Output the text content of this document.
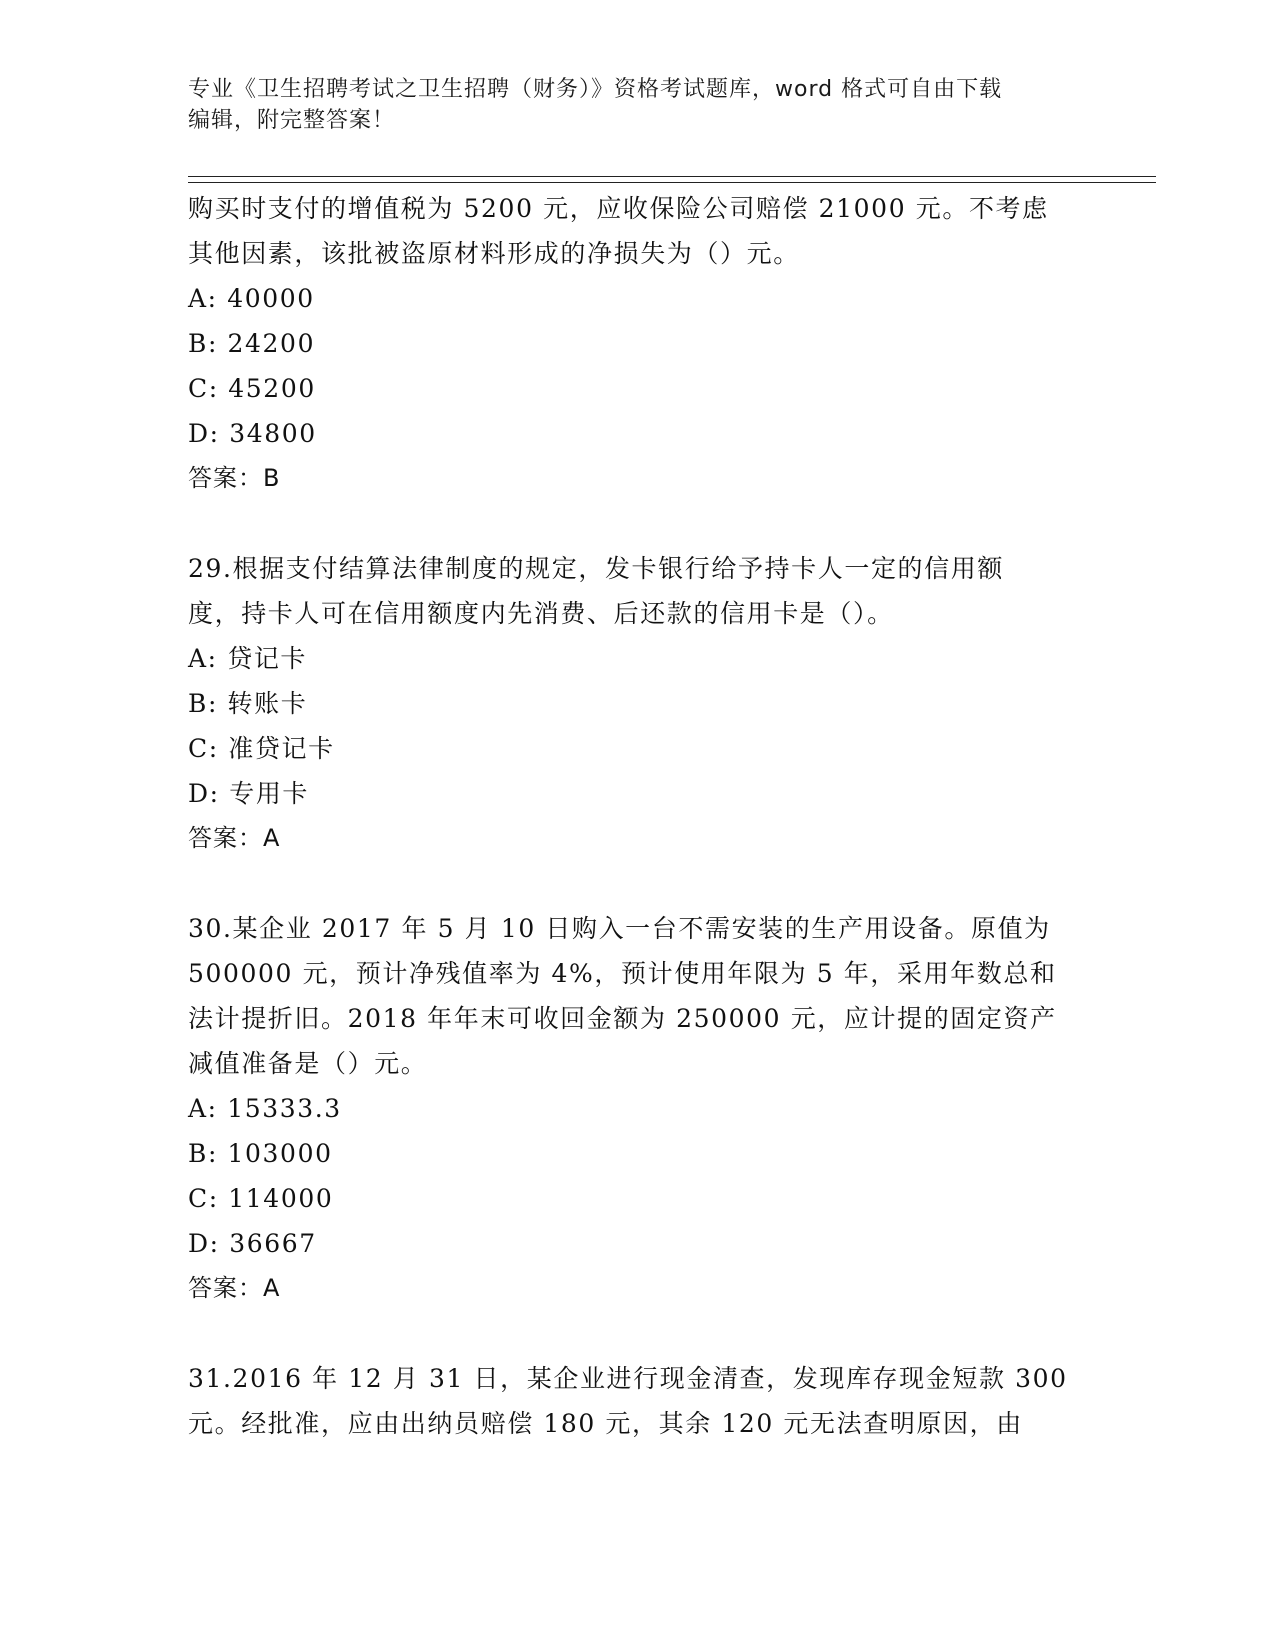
专业《卫生招聘考试之卫生招聘（财务）》资格考试题库，word 格式可自由下载
编辑，附完整答案！
购买时支付的增值税为 5200 元，应收保险公司赔偿 21000 元。不考虑
其他因素，该批被盗原材料形成的净损失为（）元。
A: 40000
B: 24200
C: 45200
D: 34800
答案：B
29.根据支付结算法律制度的规定，发卡银行给予持卡人一定的信用额
度，持卡人可在信用额度内先消费、后还款的信用卡是（）。
A: 贷记卡
B: 转账卡
C: 准贷记卡
D: 专用卡
答案：A
30.某企业 2017 年 5 月 10 日购入一台不需安装的生产用设备。原值为
500000 元，预计净残值率为 4%，预计使用年限为 5 年，采用年数总和
法计提折旧。2018 年年末可收回金额为 250000 元，应计提的固定资产
减值准备是（）元。
A: 15333.3
B: 103000
C: 114000
D: 36667
答案：A
31.2016 年 12 月 31 日，某企业进行现金清查，发现库存现金短款 300
元。经批准，应由出纳员赔偿 180 元，其余 120 元无法查明原因，由
